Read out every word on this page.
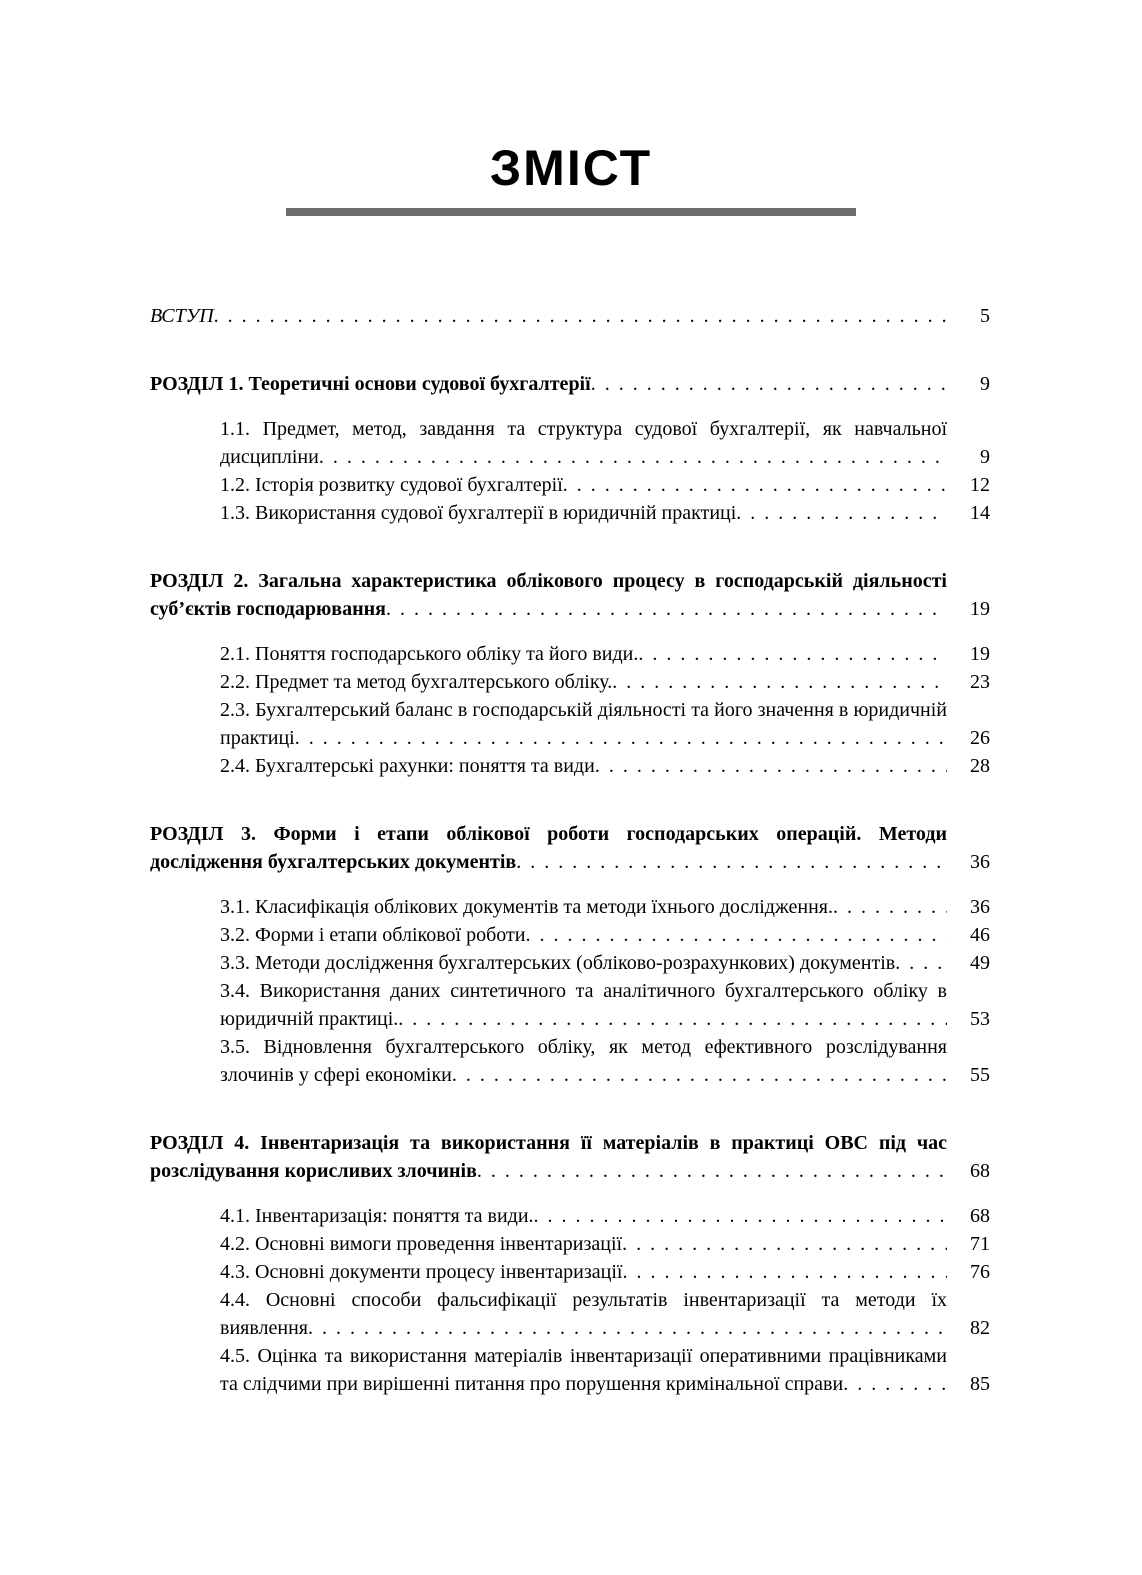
ЗМІСТ
ВСТУП	5
РОЗДІЛ 1. Теоретичні основи судової бухгалтерії	9
1.1. Предмет, метод, завдання та структура судової бухгалтерії, як навчальної дисципліни	9
1.2. Історія розвитку судової бухгалтерії	12
1.3. Використання судової бухгалтерії в юридичній практиці	14
РОЗДІЛ 2. Загальна характеристика облікового процесу в господарській діяльності суб’єктів господарювання	19
2.1. Поняття господарського обліку та його види.	19
2.2. Предмет та метод бухгалтерського обліку.	23
2.3. Бухгалтерський баланс в господарській діяльності та його значення в юридичній практиці	26
2.4. Бухгалтерські рахунки: поняття та види	28
РОЗДІЛ 3. Форми і етапи облікової роботи господарських операцій. Методи дослідження бухгалтерських документів	36
3.1. Класифікація облікових документів та методи їхнього дослідження.	36
3.2. Форми і етапи облікової роботи	46
3.3. Методи дослідження бухгалтерських (обліково-розрахункових) документів	49
3.4. Використання даних синтетичного та аналітичного бухгалтерського обліку в юридичній практиці.	53
3.5. Відновлення бухгалтерського обліку, як метод ефективного розслідування злочинів у сфері економіки	55
РОЗДІЛ 4. Інвентаризація та використання її матеріалів в практиці ОВС під час розслідування корисливих злочинів	68
4.1. Інвентаризація: поняття та види.	68
4.2. Основні вимоги проведення інвентаризації	71
4.3. Основні документи процесу інвентаризації	76
4.4. Основні способи фальсифікації результатів інвентаризації та методи їх виявлення	82
4.5. Оцінка та використання матеріалів інвентаризації оперативними працівниками та слідчими при вирішенні питання про порушення кримінальної справи	85
